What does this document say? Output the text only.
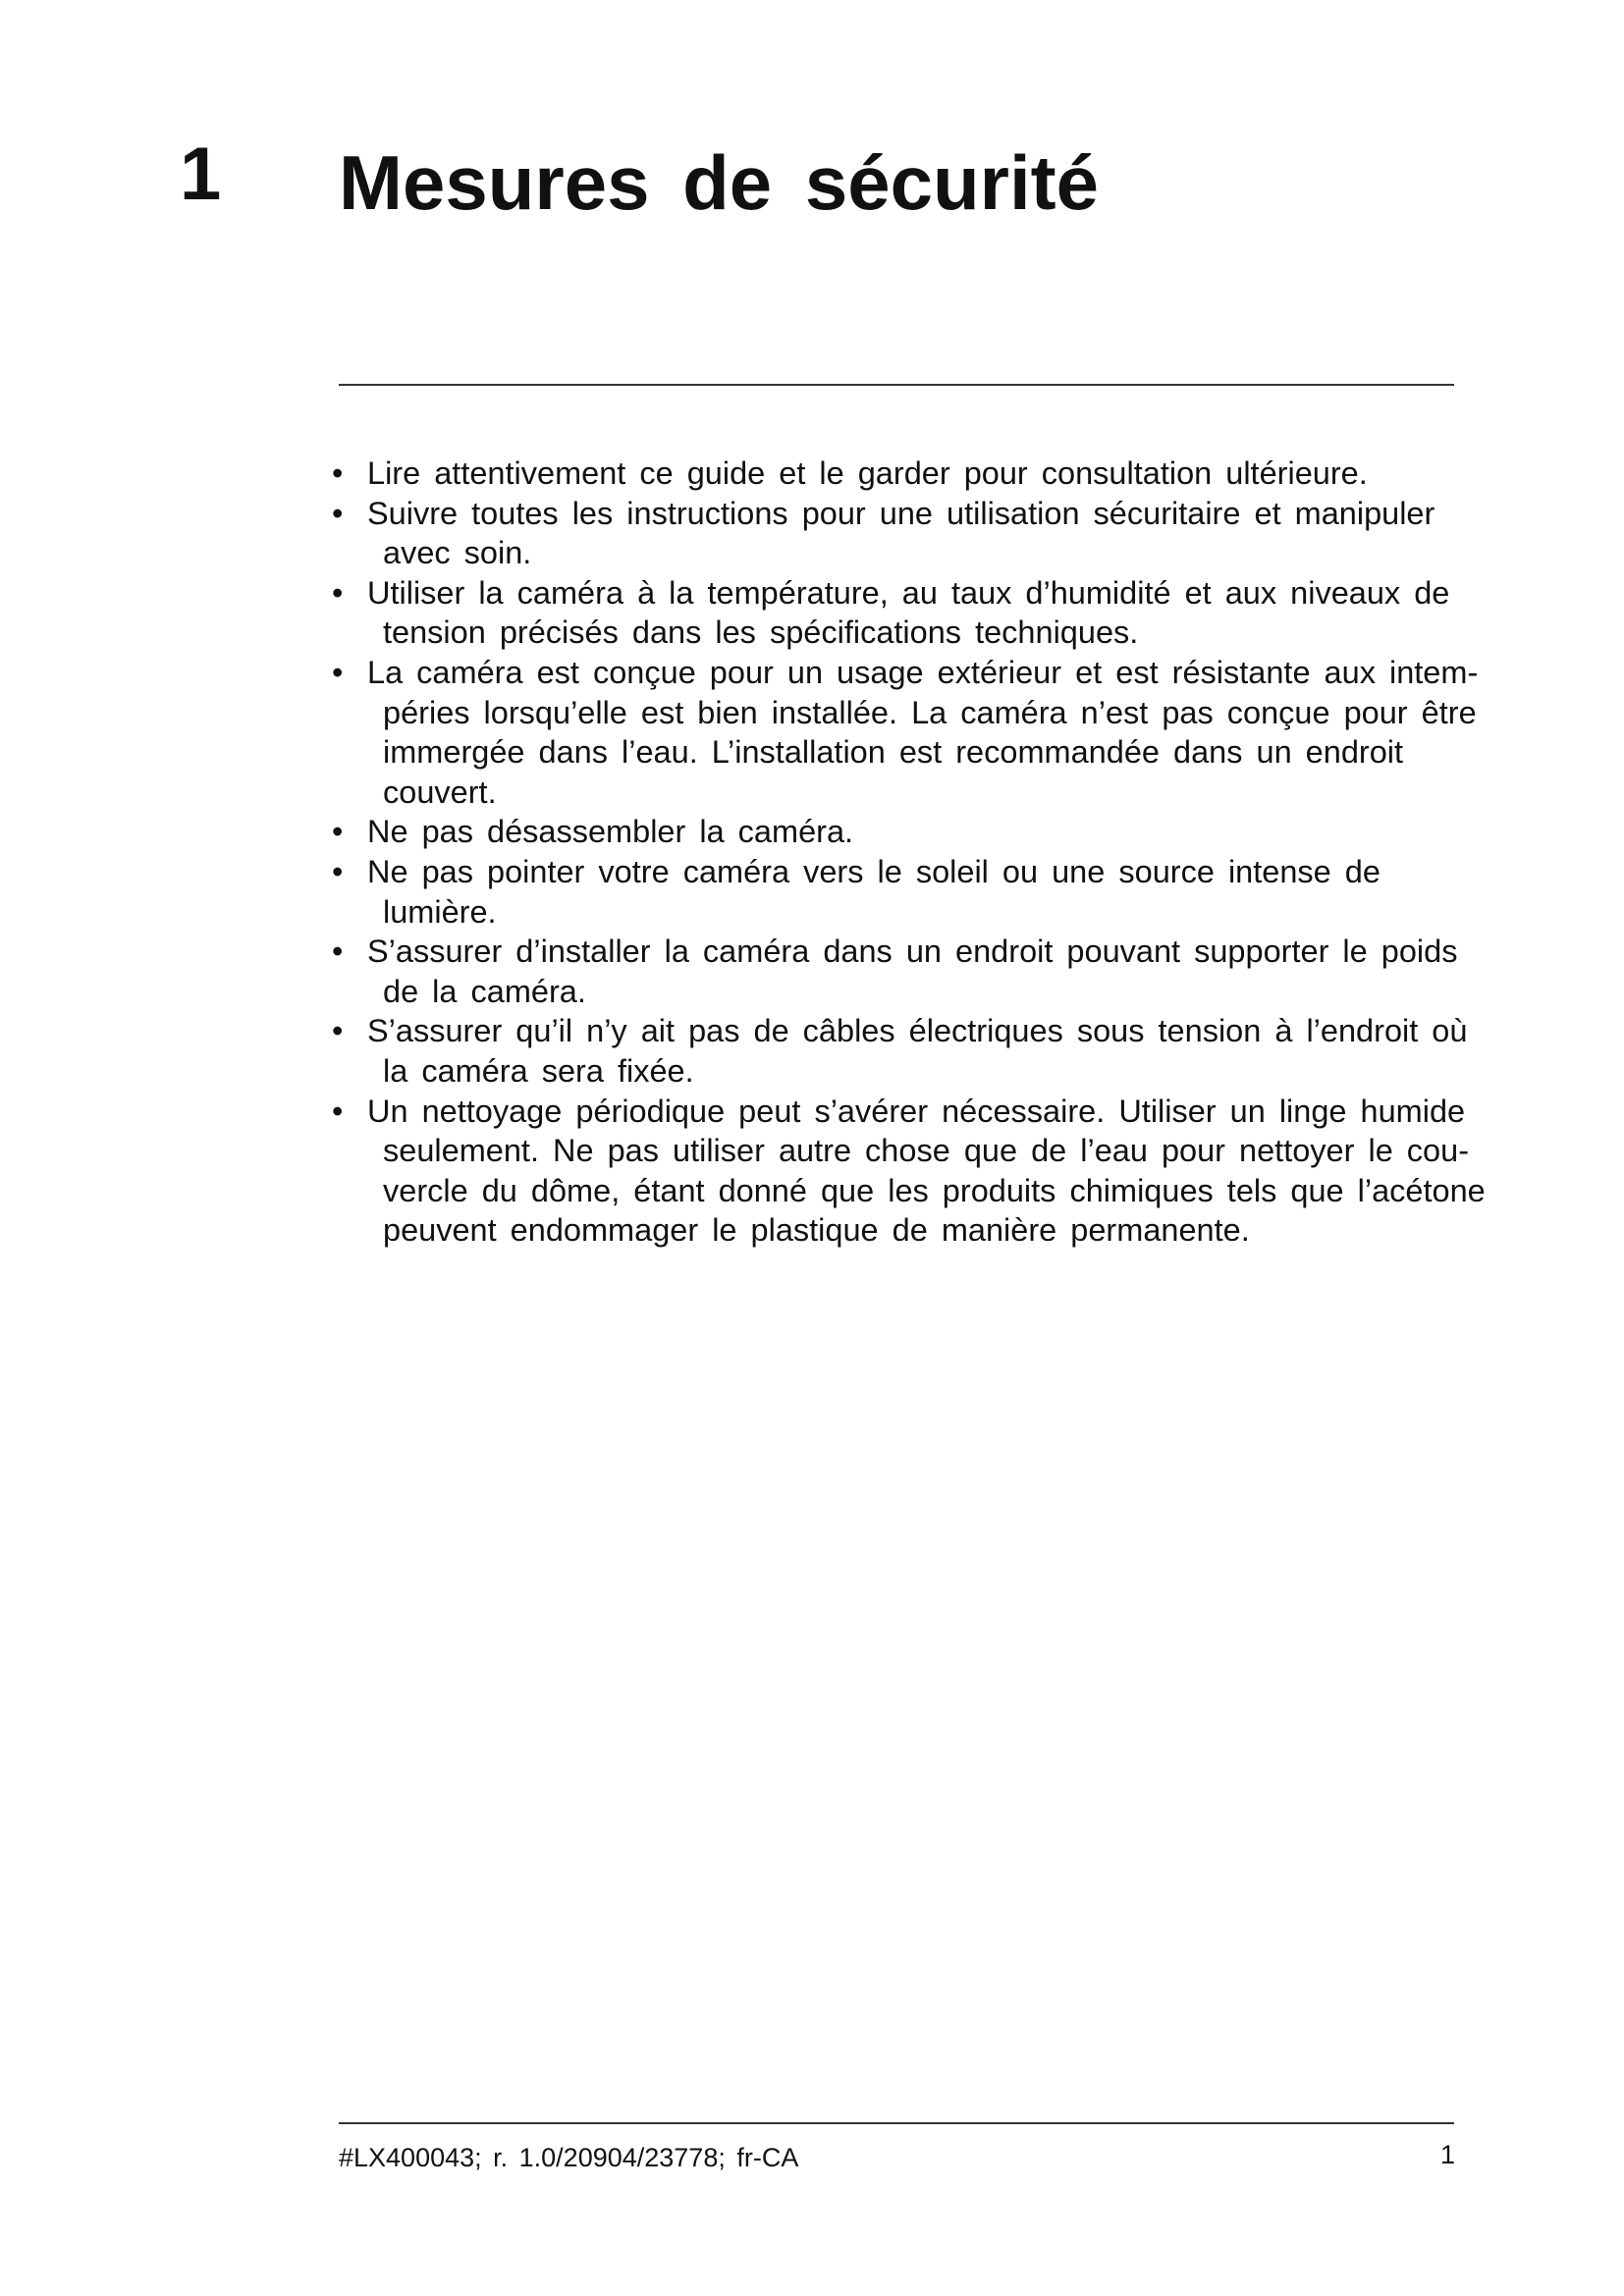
1 Mesures de sécurité
• Lire attentivement ce guide et le garder pour consultation ultérieure.
• Suivre toutes les instructions pour une utilisation sécuritaire et manipuler
avec soin.
• Utiliser la caméra à la température, au taux d’humidité et aux niveaux de
tension précisés dans les spécifications techniques.
• La caméra est conçue pour un usage extérieur et est résistante aux intem-
péries lorsqu’elle est bien installée. La caméra n’est pas conçue pour être
immergée dans l’eau. L’installation est recommandée dans un endroit
couvert.
• Ne pas désassembler la caméra.
• Ne pas pointer votre caméra vers le soleil ou une source intense de
lumière.
• S’assurer d’installer la caméra dans un endroit pouvant supporter le poids
de la caméra.
• S’assurer qu’il n’y ait pas de câbles électriques sous tension à l’endroit où
la caméra sera fixée.
• Un nettoyage périodique peut s’avérer nécessaire. Utiliser un linge humide
seulement. Ne pas utiliser autre chose que de l’eau pour nettoyer le cou-
vercle du dôme, étant donné que les produits chimiques tels que l’acétone
peuvent endommager le plastique de manière permanente.
#LX400043; r. 1.0/20904/23778; fr-CA	1
